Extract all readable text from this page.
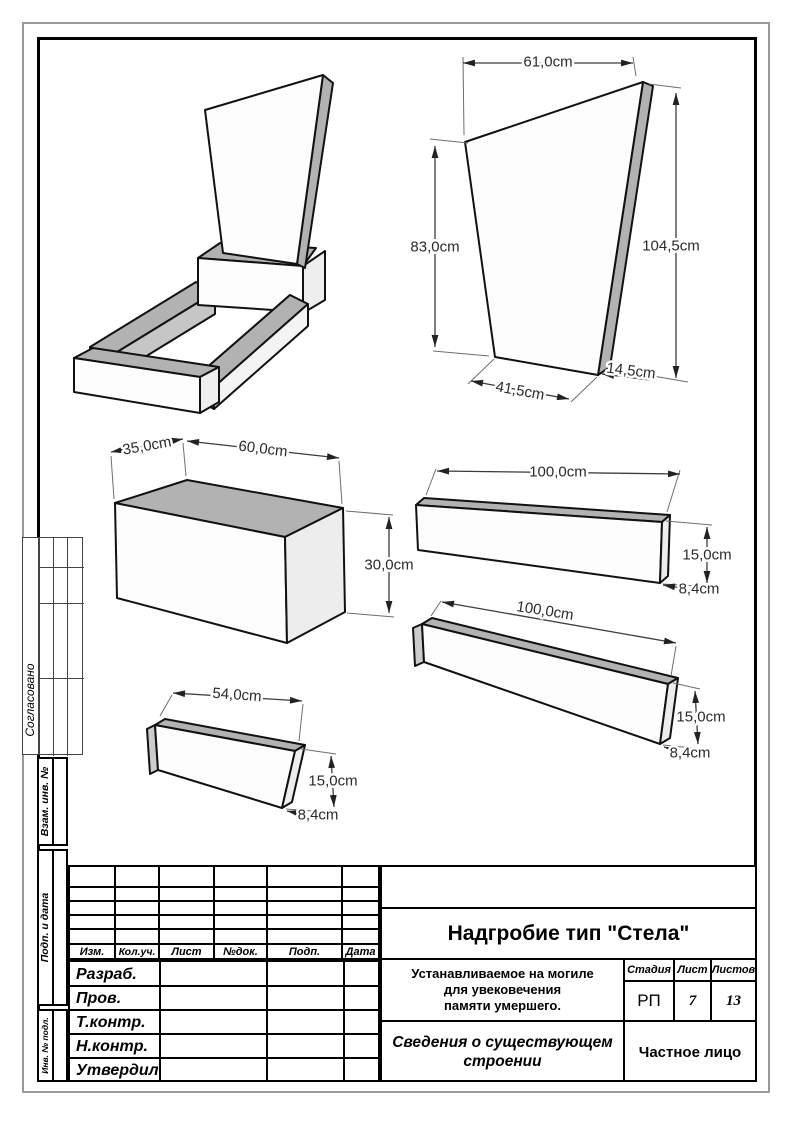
61,0cm
83,0cm	104,5cm
41,5cm
14,5cm
35,0cm	60,0cm
30,0cm
100,0cm
15,0cm
8,4cm
100,0cm
15,0cm
8,4cm
54,0cm
15,0cm
8,4cm
Согласовано
Взам. инв. №
Подп. и дата
Инв. № подл.
Изм.	Кол.уч.	Лист	№док.	Подп.	Дата
Разраб.
Пров.
Т.контр.
Н.контр.
Утвердил
Надгробие тип "Стела"
Устанавливаемое на могиле
для увековечения
памяти умершего.
Стадия Лист Листов
РП	7	13
Сведения о существующем
строении
Частное лицо
